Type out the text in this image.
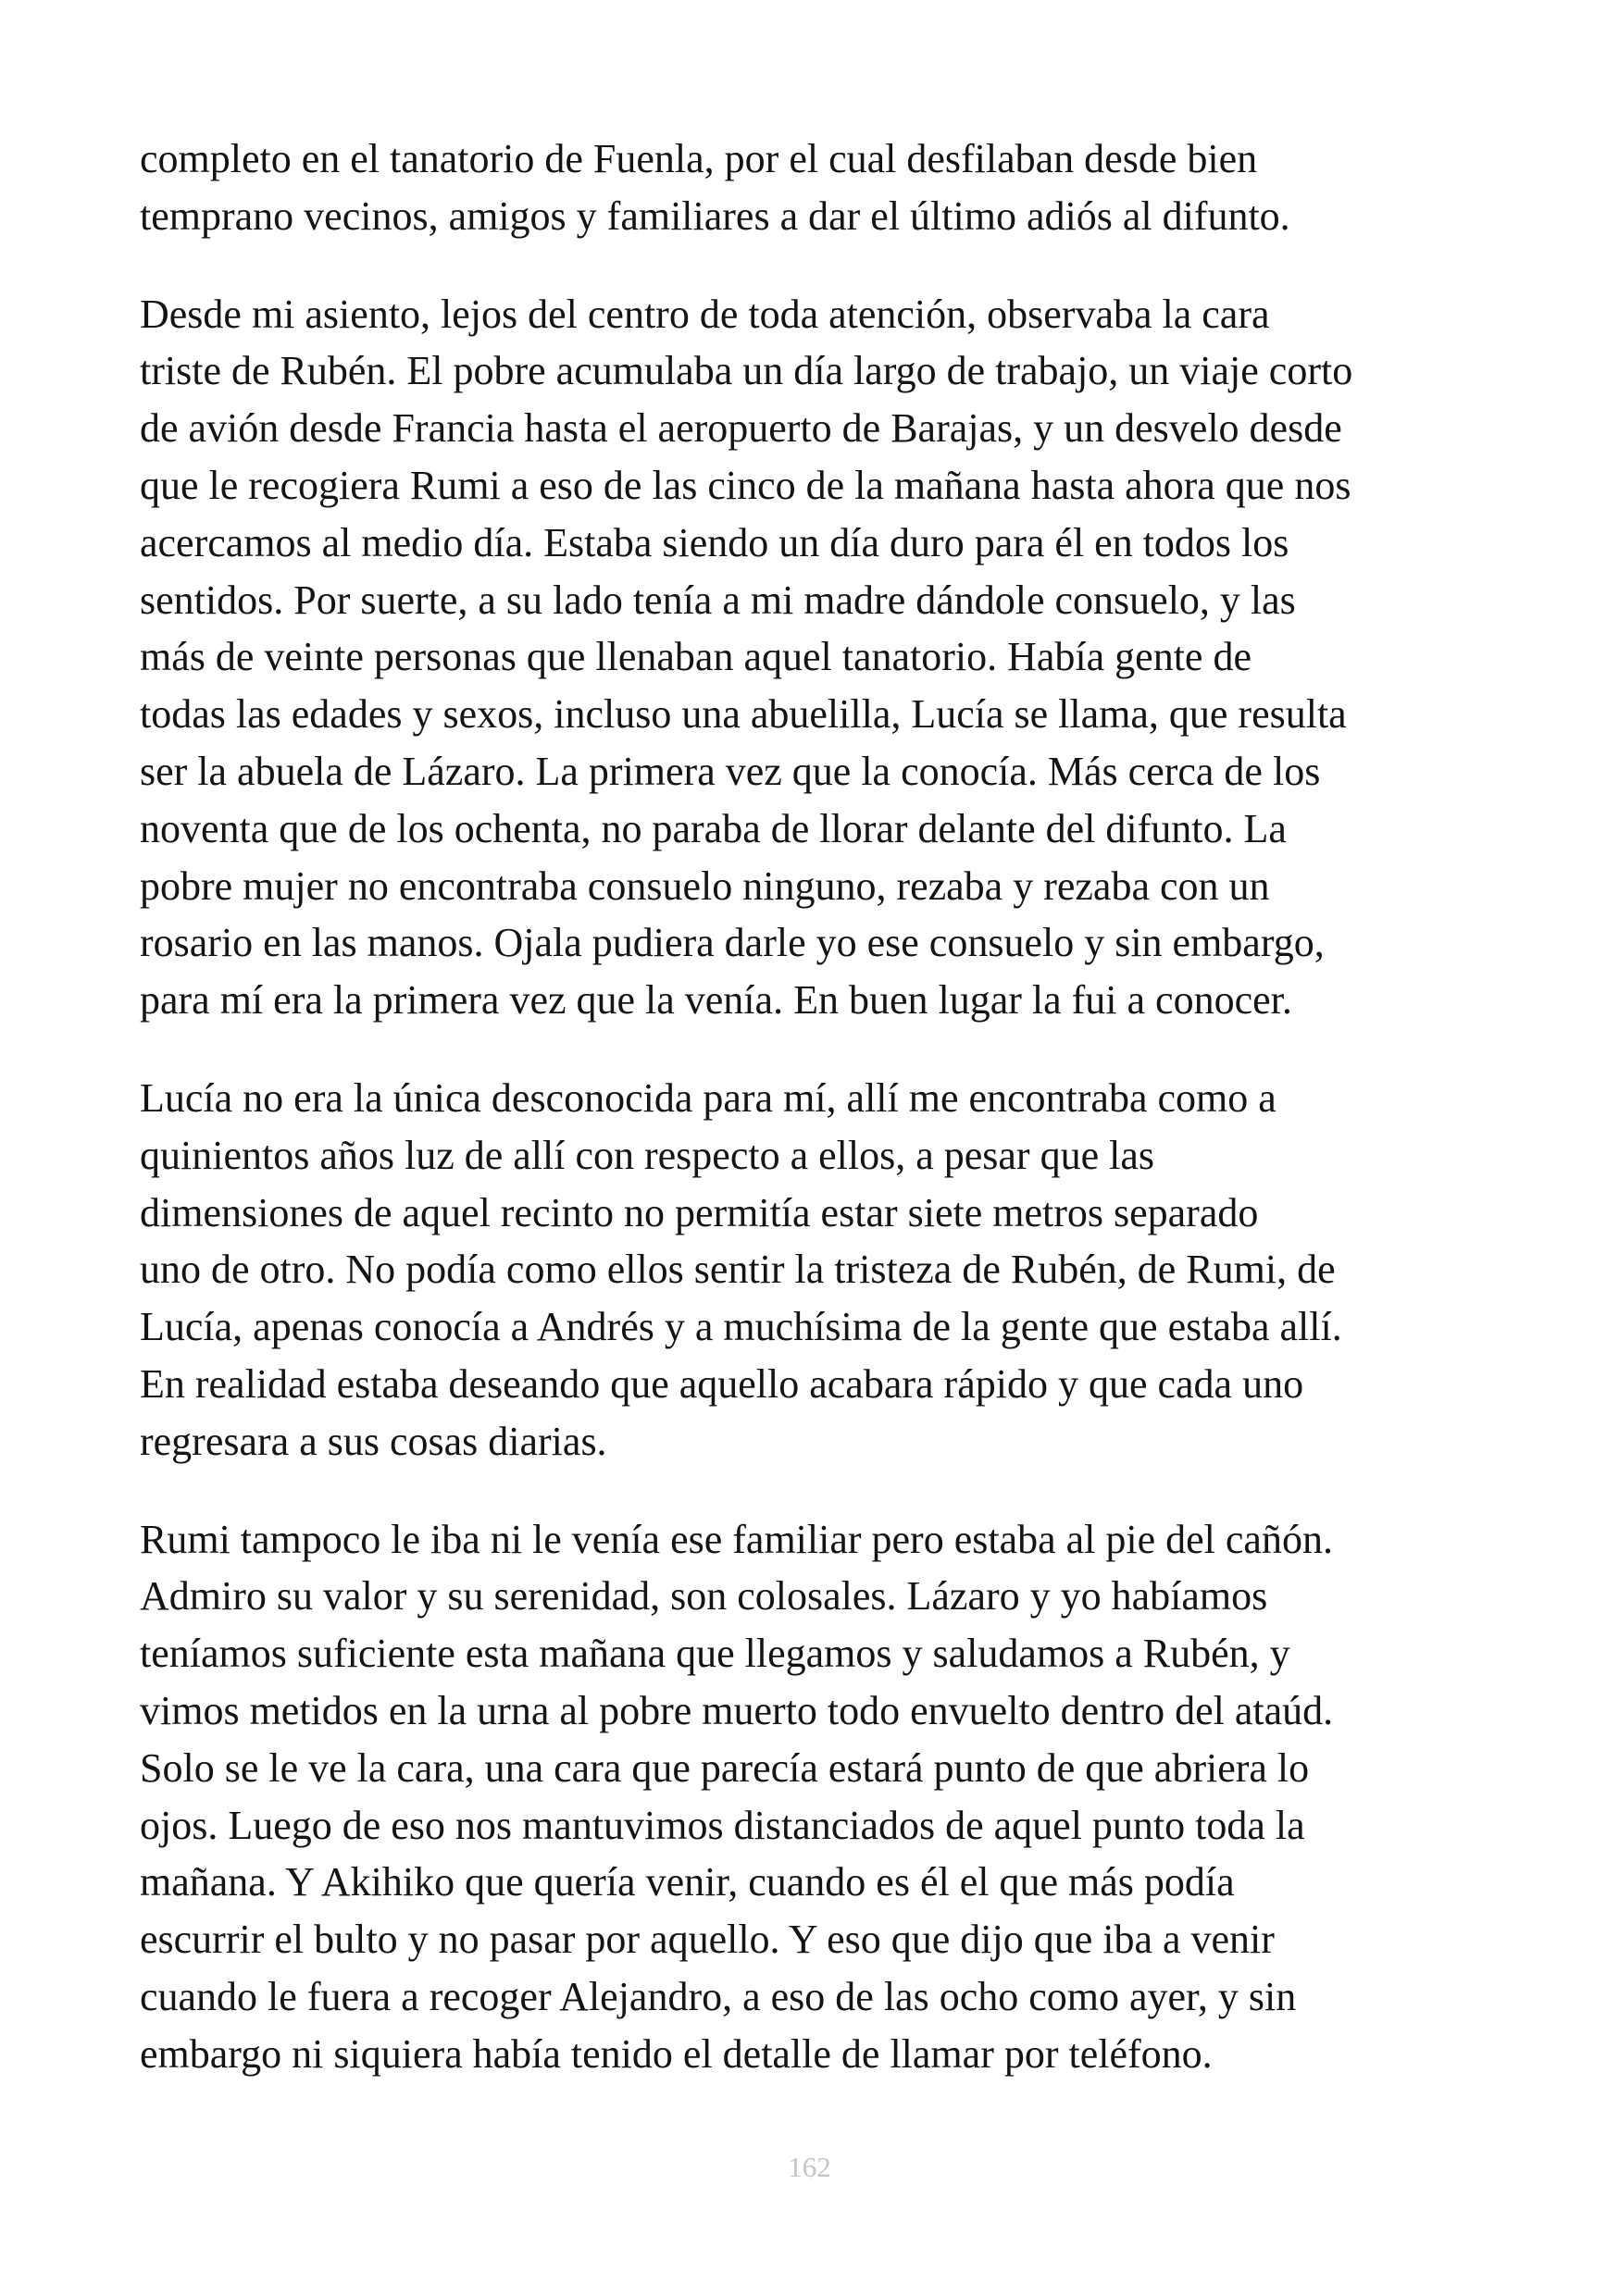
completo en el tanatorio de Fuenla, por el cual desfilaban desde bien
temprano vecinos, amigos y familiares a dar el último adiós al difunto.
Desde mi asiento, lejos del centro de toda atención, observaba la cara
triste de Rubén. El pobre acumulaba un día largo de trabajo, un viaje corto
de avión desde Francia hasta el aeropuerto de Barajas, y un desvelo desde
que le recogiera Rumi a eso de las cinco de la mañana hasta ahora que nos
acercamos al medio día. Estaba siendo un día duro para él en todos los
sentidos. Por suerte, a su lado tenía a mi madre dándole consuelo, y las
más de veinte personas que llenaban aquel tanatorio. Había gente de
todas las edades y sexos, incluso una abuelilla, Lucía se llama, que resulta
ser la abuela de Lázaro. La primera vez que la conocía. Más cerca de los
noventa que de los ochenta, no paraba de llorar delante del difunto. La
pobre mujer no encontraba consuelo ninguno, rezaba y rezaba con un
rosario en las manos. Ojala pudiera darle yo ese consuelo y sin embargo,
para mí era la primera vez que la venía. En buen lugar la fui a conocer.
Lucía no era la única desconocida para mí, allí me encontraba como a
quinientos años luz de allí con respecto a ellos, a pesar que las
dimensiones de aquel recinto no permitía estar siete metros separado
uno de otro. No podía como ellos sentir la tristeza de Rubén, de Rumi, de
Lucía, apenas conocía a Andrés y a muchísima de la gente que estaba allí.
En realidad estaba deseando que aquello acabara rápido y que cada uno
regresara a sus cosas diarias.
Rumi tampoco le iba ni le venía ese familiar pero estaba al pie del cañón.
Admiro su valor y su serenidad, son colosales. Lázaro y yo habíamos
teníamos suficiente esta mañana que llegamos y saludamos a Rubén, y
vimos metidos en la urna al pobre muerto todo envuelto dentro del ataúd.
Solo se le ve la cara, una cara que parecía estará punto de que abriera lo
ojos. Luego de eso nos mantuvimos distanciados de aquel punto toda la
mañana. Y Akihiko que quería venir, cuando es él el que más podía
escurrir el bulto y no pasar por aquello. Y eso que dijo que iba a venir
cuando le fuera a recoger Alejandro, a eso de las ocho como ayer, y sin
embargo ni siquiera había tenido el detalle de llamar por teléfono.
162
